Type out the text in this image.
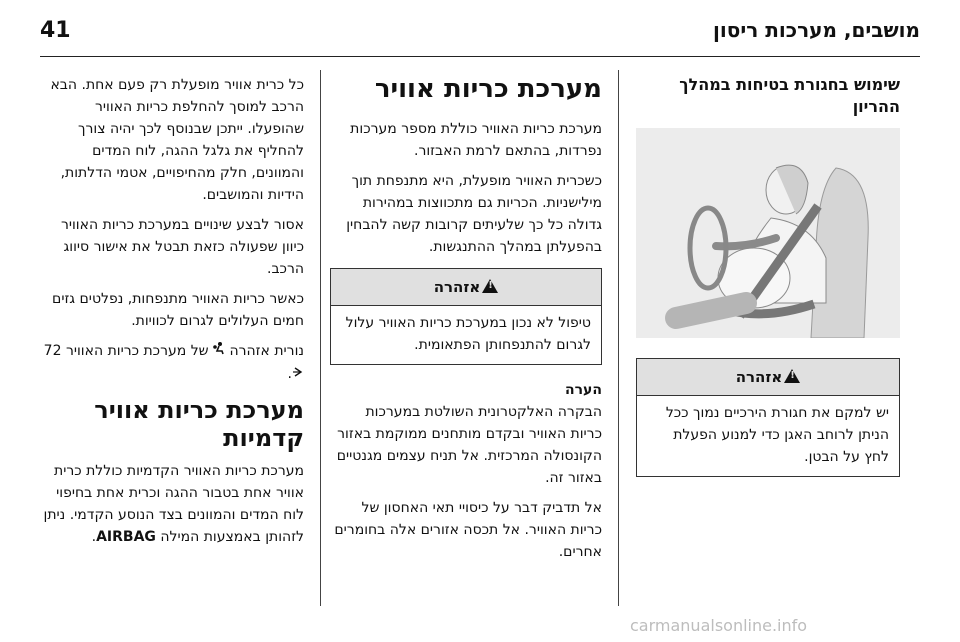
מושבים, מערכות ריסון
41
שימוש בחגורת בטיחות במהלך ההריון
!אזהרה
יש למקם את חגורת הירכיים נמוך ככל הניתן לרוחב האגן כדי למנוע הפעלת לחץ על הבטן.
מערכת כריות אוויר

מערכת כריות האוויר כוללת מספר מערכות נפרדות, בהתאם לרמת האבזור.

כשכרית האוויר מופעלת, היא מתנפחת תוך מילישניות. הכריות גם מתכווצות במהירות גדולה כל כך שלעיתים קרובות קשה להבחין בהפעלתן במהלך ההתנגשות.

!אזהרה
טיפול לא נכון במערכת כריות האוויר עלול לגרום להתנפחותן הפתאומית.
הערה

הבקרה האלקטרונית השולטת במערכות כריות האוויר ובקדם מותחנים ממוקמת באזור הקונסולה המרכזית. אל תניח עצמים מגנטיים באזור זה.

אל תדביק דבר על כיסויי תאי האחסון של כריות האוויר. אל תכסה אזורים אלה בחומרים אחרים.

כל כרית אוויר מופעלת רק פעם אחת. הבא הרכב למוסך להחלפת כריות האוויר שהופעלו. ייתכן שבנוסף לכך יהיה צורך להחליף את גלגל ההגה, לוח המדים והמוונים, חלק מהחיפויים, אטמי הדלתות, הידיות והמושבים.

אסור לבצע שינויים במערכת כריות האוויר כיוון שפעולה כזאת תבטל את אישור סיווג הרכב.

כאשר כריות האוויר מתנפחות, נפלטים גזים חמים העלולים לגרום לכוויות.

נורית אזהרה  של מערכת כריות האוויר 72 .

מערכת כריות אוויר קדמיות

מערכת כריות האוויר הקדמיות כוללת כרית אוויר אחת בטבור ההגה וכרית אחת בחיפוי לוח המדים והמוונים בצד הנוסע הקדמי. ניתן לזהותן באמצעות המילה AIRBAG.

carmanualsonline.info
